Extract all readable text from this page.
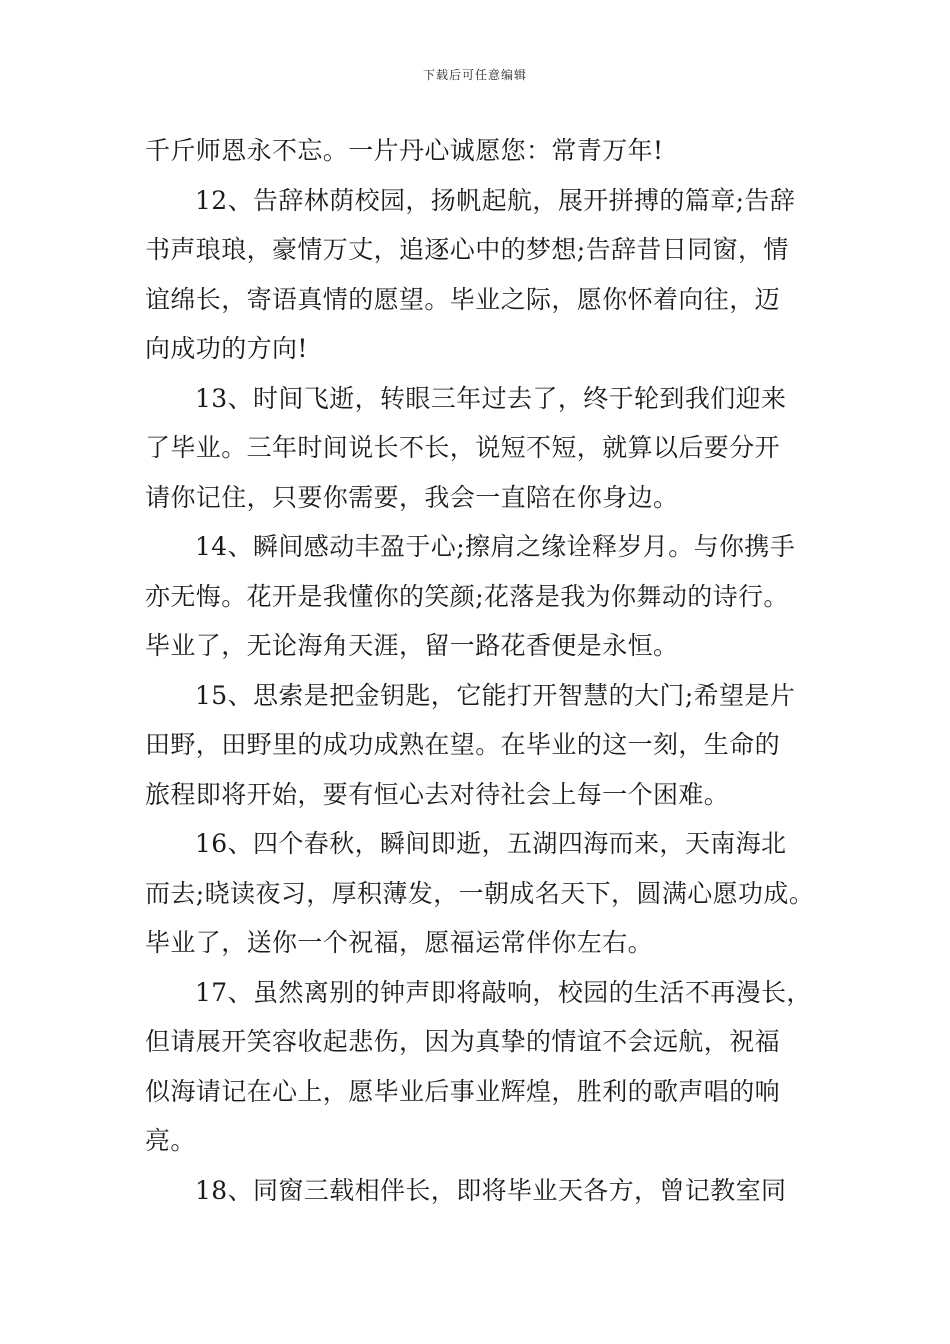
下载后可任意编辑
千斤师恩永不忘。一片丹心诚愿您：常青万年!
12、告辞林荫校园，扬帆起航，展开拼搏的篇章;告辞
书声琅琅，豪情万丈，追逐心中的梦想;告辞昔日同窗，情
谊绵长，寄语真情的愿望。毕业之际，愿你怀着向往，迈
向成功的方向!
13、时间飞逝，转眼三年过去了，终于轮到我们迎来
了毕业。三年时间说长不长，说短不短，就算以后要分开
请你记住，只要你需要，我会一直陪在你身边。
14、瞬间感动丰盈于心;擦肩之缘诠释岁月。与你携手
亦无悔。花开是我懂你的笑颜;花落是我为你舞动的诗行。
毕业了，无论海角天涯，留一路花香便是永恒。
15、思索是把金钥匙，它能打开智慧的大门;希望是片
田野，田野里的成功成熟在望。在毕业的这一刻，生命的
旅程即将开始，要有恒心去对待社会上每一个困难。
16、四个春秋，瞬间即逝，五湖四海而来，天南海北
而去;晓读夜习，厚积薄发，一朝成名天下，圆满心愿功成。
毕业了，送你一个祝福，愿福运常伴你左右。
17、虽然离别的钟声即将敲响，校园的生活不再漫长，
但请展开笑容收起悲伤，因为真挚的情谊不会远航，祝福
似海请记在心上，愿毕业后事业辉煌，胜利的歌声唱的响
亮。
18、同窗三载相伴长，即将毕业天各方，曾记教室同
